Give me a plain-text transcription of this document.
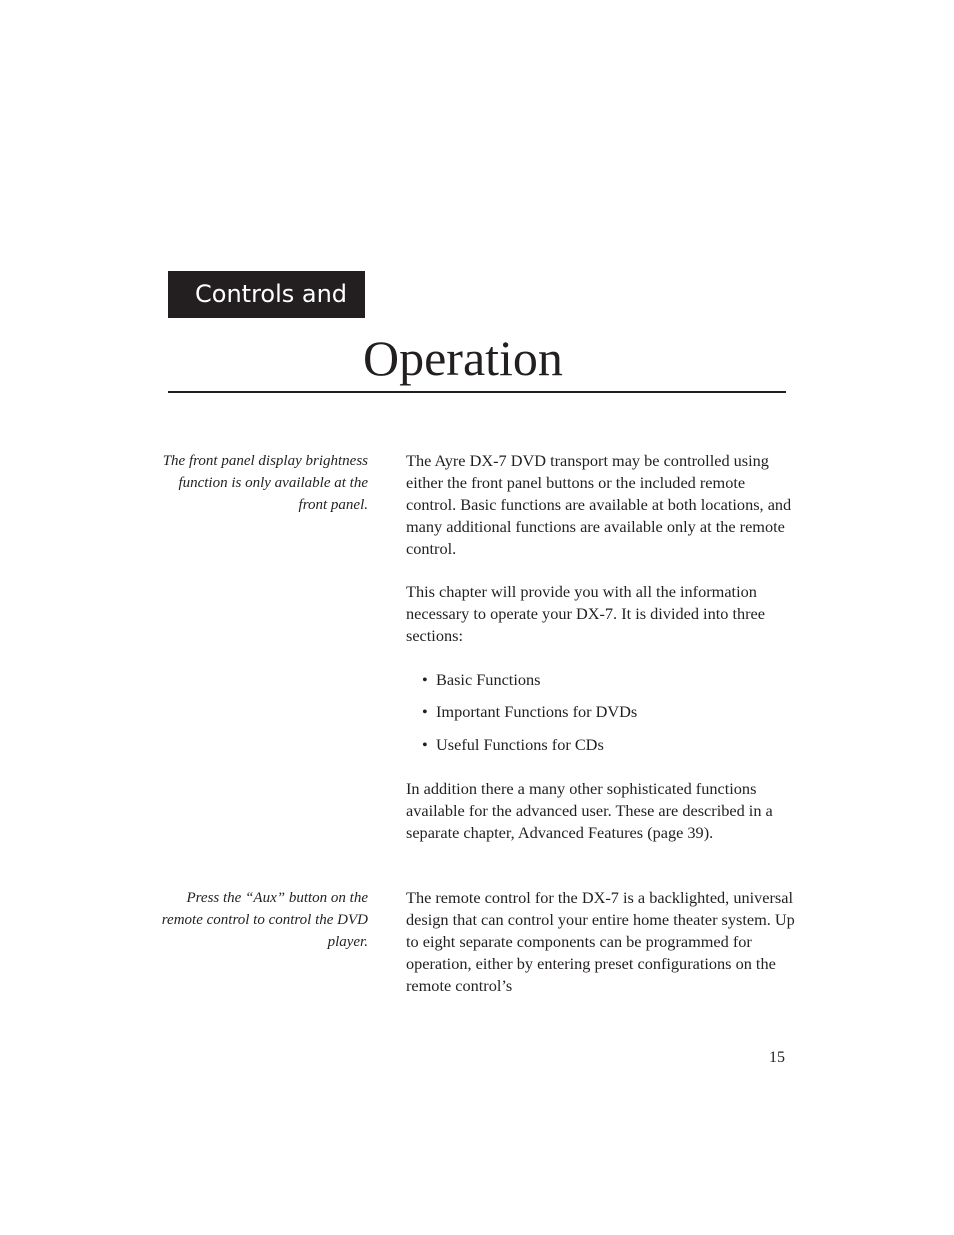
Controls and
Operation
The front panel display brightness function is only available at the front panel.

The Ayre DX-7 DVD transport may be controlled using either the front panel buttons or the included remote control. Basic functions are available at both locations, and many additional functions are available only at the remote control.

This chapter will provide you with all the information necessary to operate your DX-7. It is divided into three sections:

• Basic Functions
• Important Functions for DVDs
• Useful Functions for CDs

In addition there a many other sophisticated functions available for the advanced user. These are described in a separate chapter, Advanced Features (page 39).

Press the “Aux” button on the remote control to control the DVD player.

The remote control for the DX-7 is a backlighted, universal design that can control your entire home theater system. Up to eight separate components can be programmed for operation, either by entering preset configurations on the remote control’s

15
